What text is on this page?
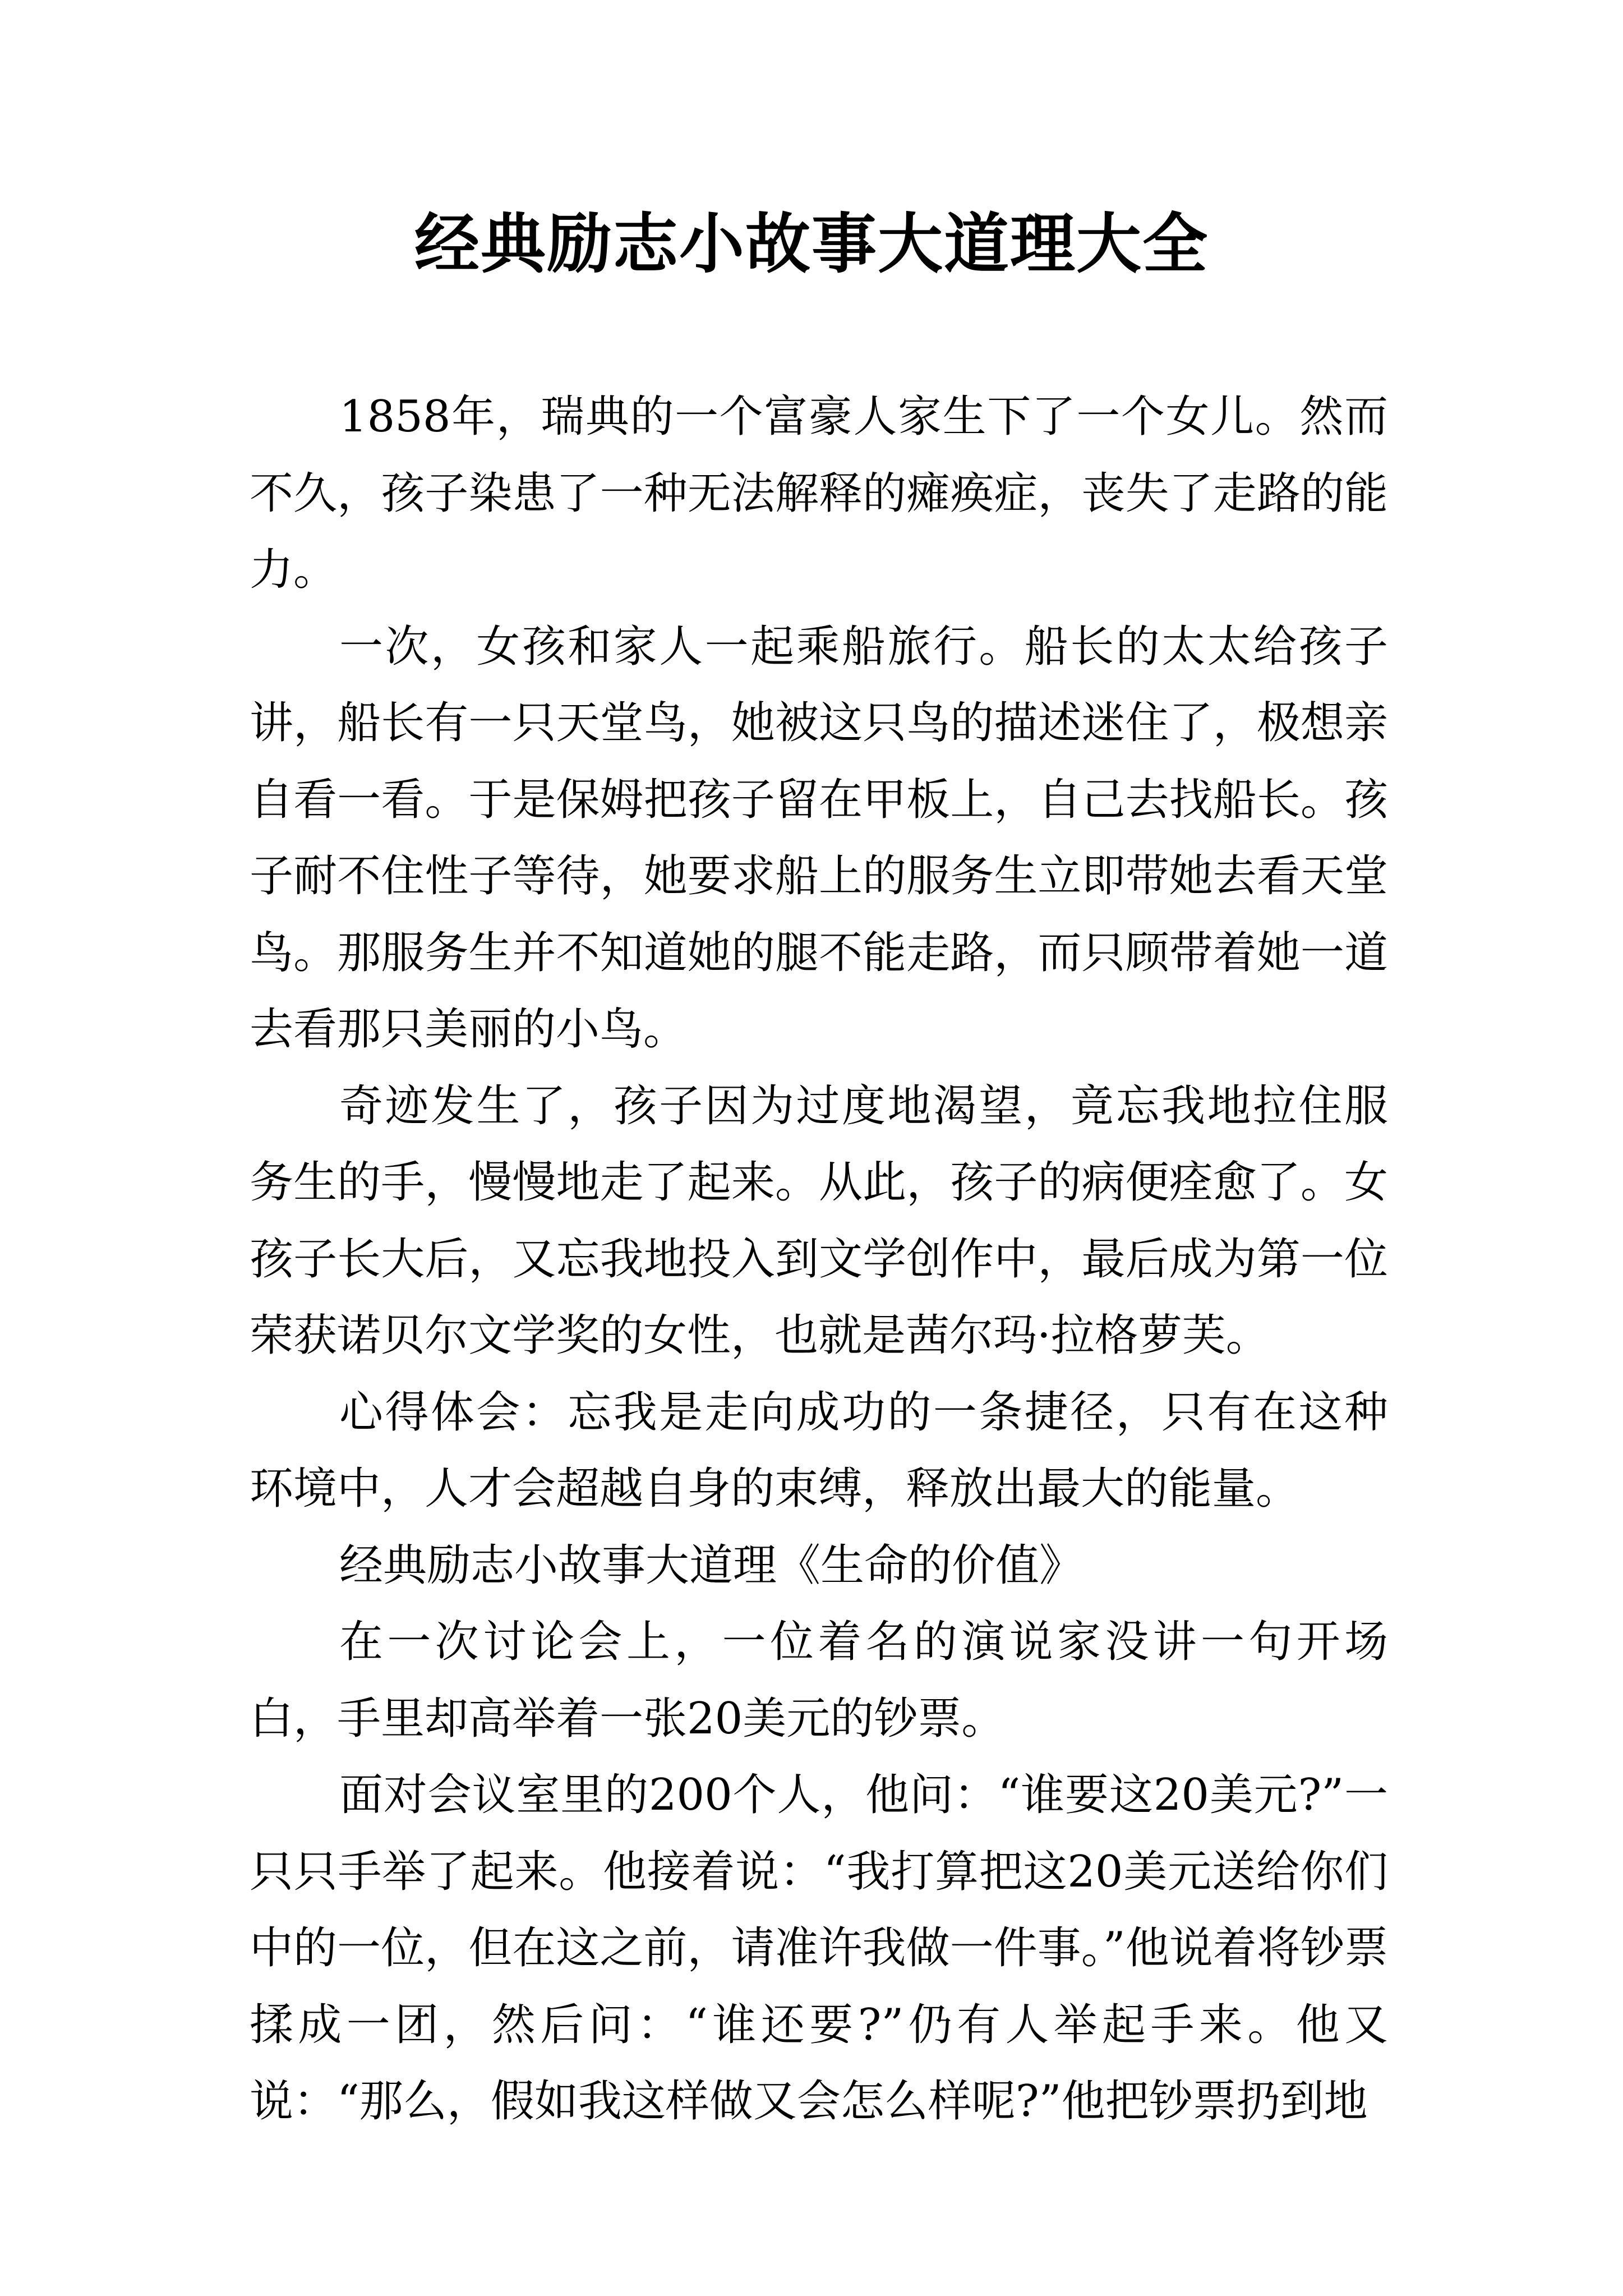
经典励志小故事大道理大全

1858年，瑞典的一个富豪人家生下了一个女儿。然而不久，孩子染患了一种无法解释的瘫痪症，丧失了走路的能力。

一次，女孩和家人一起乘船旅行。船长的太太给孩子讲，船长有一只天堂鸟，她被这只鸟的描述迷住了，极想亲自看一看。于是保姆把孩子留在甲板上，自己去找船长。孩子耐不住性子等待，她要求船上的服务生立即带她去看天堂鸟。那服务生并不知道她的腿不能走路，而只顾带着她一道去看那只美丽的小鸟。

奇迹发生了，孩子因为过度地渴望，竟忘我地拉住服务生的手，慢慢地走了起来。从此，孩子的病便痊愈了。女孩子长大后，又忘我地投入到文学创作中，最后成为第一位荣获诺贝尔文学奖的女性，也就是茜尔玛·拉格萝芙。

心得体会：忘我是走向成功的一条捷径，只有在这种环境中，人才会超越自身的束缚，释放出最大的能量。

经典励志小故事大道理《生命的价值》

在一次讨论会上，一位着名的演说家没讲一句开场白，手里却高举着一张20美元的钞票。

面对会议室里的200个人，他问：“谁要这20美元?”一只只手举了起来。他接着说：“我打算把这20美元送给你们中的一位，但在这之前，请准许我做一件事。”他说着将钞票揉成一团，然后问：“谁还要?”仍有人举起手来。他又说：“那么，假如我这样做又会怎么样呢?”他把钞票扔到地
